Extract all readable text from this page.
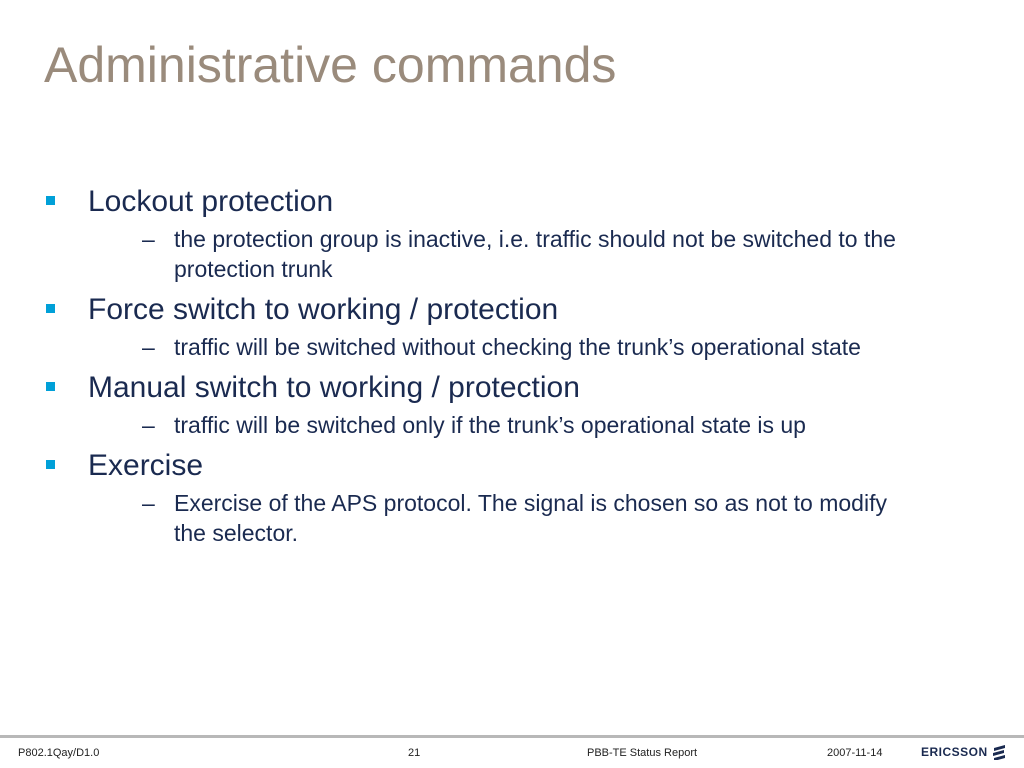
Administrative commands
Lockout protection
– the protection group is inactive, i.e. traffic should not be switched to the protection trunk
Force switch to working / protection
– traffic will be switched without checking the trunk’s operational state
Manual switch to working / protection
– traffic will be switched only if the trunk’s operational state is up
Exercise
– Exercise of the APS protocol. The signal is chosen so as not to modify the selector.
P802.1Qay/D1.0	21	PBB-TE Status Report	2007-11-14	ERICSSON
